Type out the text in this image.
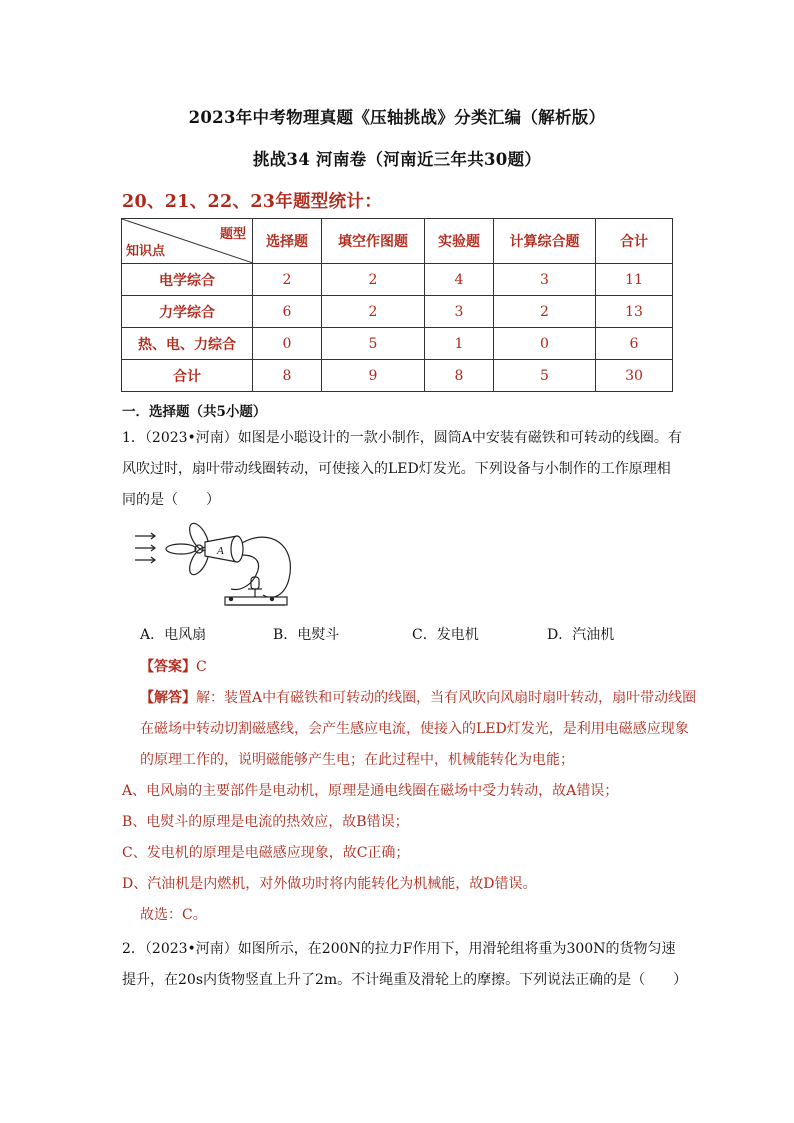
2023年中考物理真题《压轴挑战》分类汇编（解析版）
挑战34 河南卷（河南近三年共30题）
20、21、22、23年题型统计：
题型
知识点	选择题	填空作图题	实验题	计算综合题	合计
电学综合	2	2	4	3	11
力学综合	6	2	3	2	13
热、电、力综合	0	5	1	0	6
合计	8	9	8	5	30
一．选择题（共5小题）
1．（2023•河南）如图是小聪设计的一款小制作，圆筒A中安装有磁铁和可转动的线圈。有风吹过时，扇叶带动线圈转动，可使接入的LED灯发光。下列设备与小制作的工作原理相同的是（　　）
A
A．电风扇	B．电熨斗	C．发电机	D．汽油机
【答案】C
【解答】解：装置A中有磁铁和可转动的线圈，当有风吹向风扇时扇叶转动，扇叶带动线圈在磁场中转动切割磁感线，会产生感应电流，使接入的LED灯发光，是利用电磁感应现象的原理工作的，说明磁能够产生电；在此过程中，机械能转化为电能；
A、电风扇的主要部件是电动机，原理是通电线圈在磁场中受力转动，故A错误；
B、电熨斗的原理是电流的热效应，故B错误；
C、发电机的原理是电磁感应现象，故C正确；
D、汽油机是内燃机，对外做功时将内能转化为机械能，故D错误。
故选：C。
2．（2023•河南）如图所示，在200N的拉力F作用下，用滑轮组将重为300N的货物匀速提升，在20s内货物竖直上升了2m。不计绳重及滑轮上的摩擦。下列说法正确的是（　　）
